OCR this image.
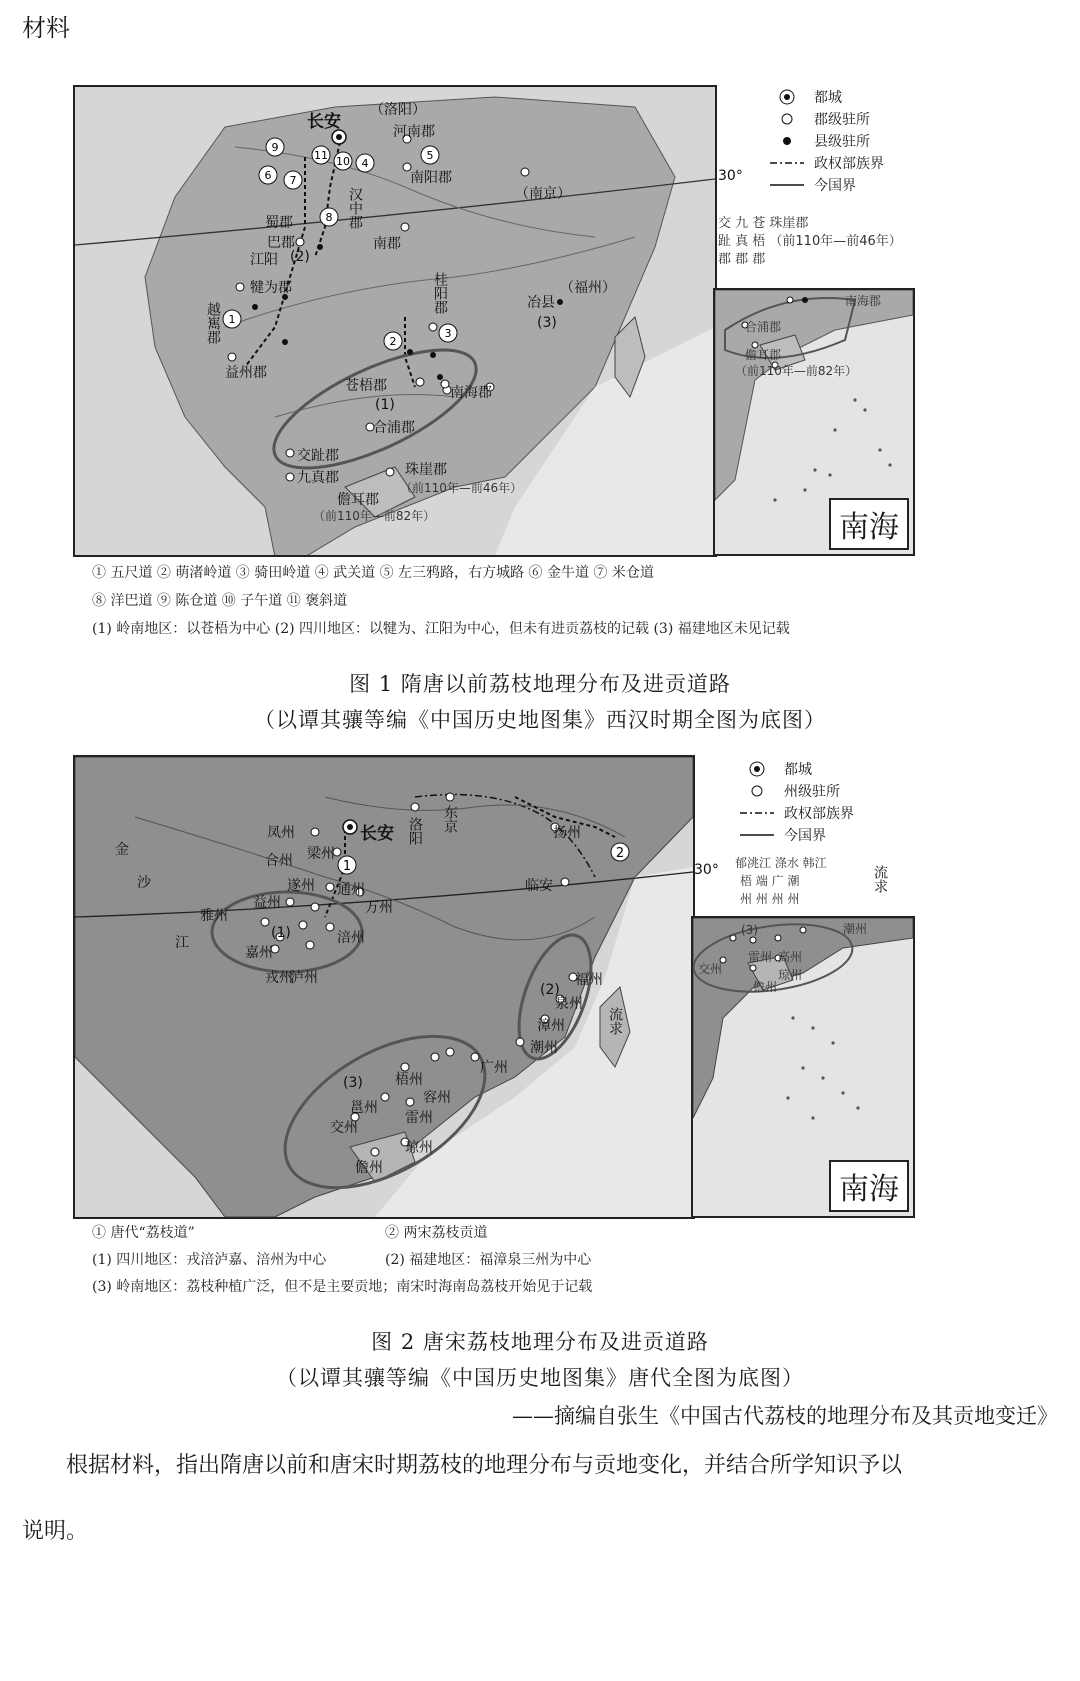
材料
9
11 10 4
5
6 7
8
1
2
3
长安
（洛阳）
河南郡
南阳郡
（南京）
汉中郡
南郡
蜀郡
巴郡
江阳
犍为郡
越嶲郡
益州郡
桂阳郡	（福州）
冶县
(3)
苍梧郡
(2)
(1)
南海郡
合浦郡
交趾郡
九真郡	珠崖郡
（前110年—前46年）
儋耳郡
（前110年—前82年）
30°
都城
郡级驻所
县级驻所
政权部族界
今国界
交 九 苍 珠崖郡
趾 真 梧 （前110年—前46年）
郡 郡 郡
南海郡
合浦郡
儋耳郡
（前110年—前82年）
南海
① 五尺道 ② 萌渚岭道 ③ 骑田岭道 ④ 武关道 ⑤ 左三鸦路，右方城路 ⑥ 金牛道 ⑦ 米仓道
⑧ 洋巴道 ⑨ 陈仓道 ⑩ 子午道 ⑪ 褒斜道
(1) 岭南地区：以苍梧为中心 (2) 四川地区：以犍为、江阳为中心，但未有进贡荔枝的记载 (3) 福建地区未见记载
图 1 隋唐以前荔枝地理分布及进贡道路
（以谭其骧等编《中国历史地图集》西汉时期全图为底图）
1
2
长安 洛阳 东京	扬州
临安
凤州
梁州
合州
通州
万州
遂州
益州
雅州
嘉州
涪州
戎州
泸州
(1)
福州
泉州
漳州
潮州
(2)
流求
广州
梧州
邕州
容州
(3)
交州
雷州
琼州
儋州
金
沙
江
30°
都城
州级驻所
政权部族界
今国界
郁洮江 涤水 韩江
梧 端 广 潮
州 州 州 州
流求
潮州
(3)
雷州 高州
交州	琼州
儋州
南海
① 唐代“荔枝道”	② 两宋荔枝贡道
(1) 四川地区：戎涪泸嘉、涪州为中心	(2) 福建地区：福漳泉三州为中心
(3) 岭南地区：荔枝种植广泛，但不是主要贡地；南宋时海南岛荔枝开始见于记载
图 2 唐宋荔枝地理分布及进贡道路
（以谭其骧等编《中国历史地图集》唐代全图为底图）
——摘编自张生《中国古代荔枝的地理分布及其贡地变迁》
根据材料，指出隋唐以前和唐宋时期荔枝的地理分布与贡地变化，并结合所学知识予以
说明。
